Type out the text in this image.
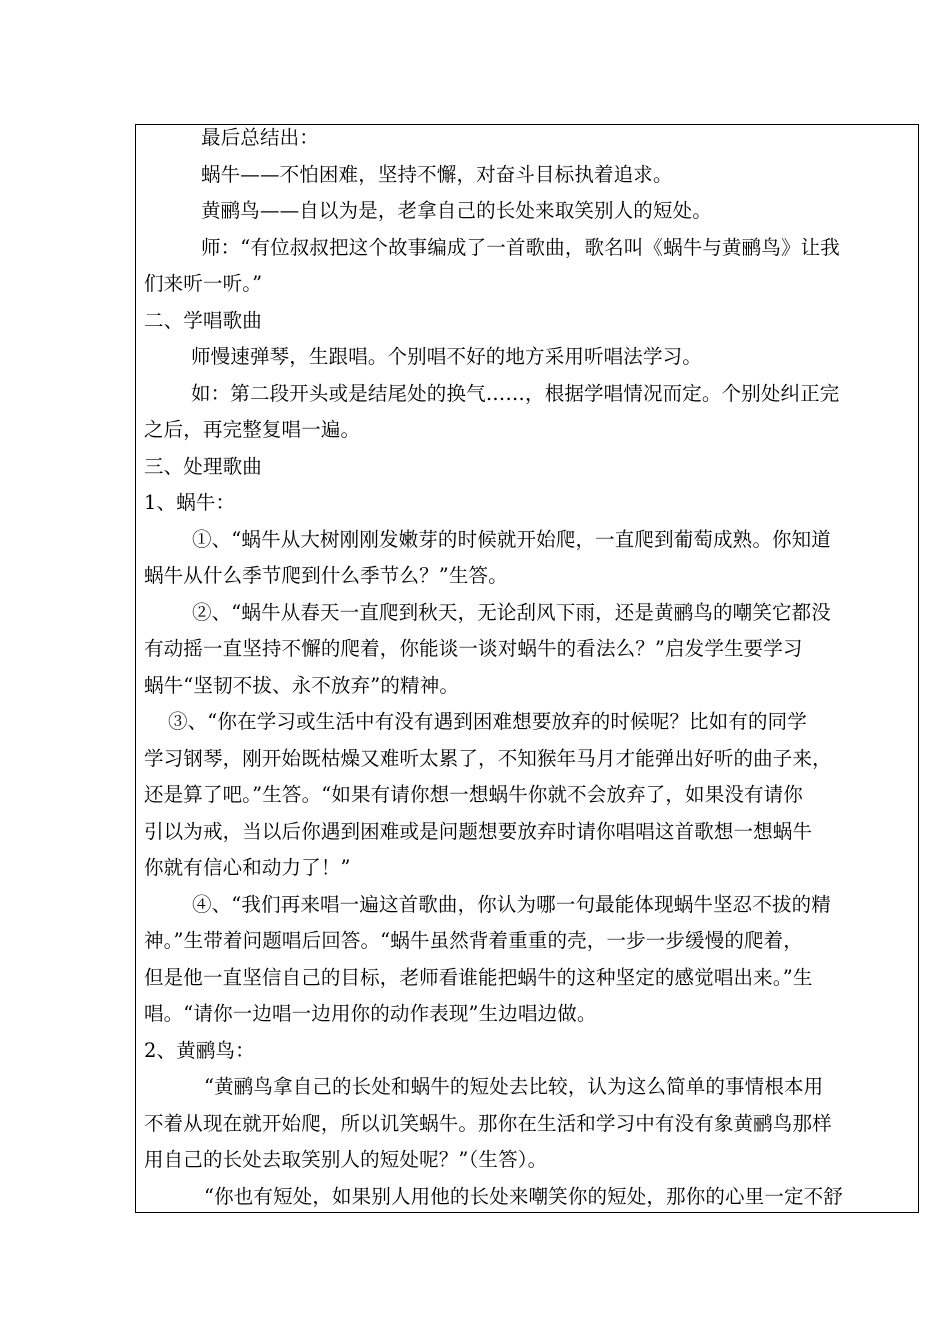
最后总结出：
蜗牛——不怕困难，坚持不懈，对奋斗目标执着追求。
黄鹂鸟——自以为是，老拿自己的长处来取笑别人的短处。
师：“有位叔叔把这个故事编成了一首歌曲，歌名叫《蜗牛与黄鹂鸟》让我
们来听一听。”
二、学唱歌曲
师慢速弹琴，生跟唱。个别唱不好的地方采用听唱法学习。
如：第二段开头或是结尾处的换气……，根据学唱情况而定。个别处纠正完
之后，再完整复唱一遍。
三、处理歌曲
1、蜗牛：
①、“蜗牛从大树刚刚发嫩芽的时候就开始爬，一直爬到葡萄成熟。你知道
蜗牛从什么季节爬到什么季节么？”生答。
②、“蜗牛从春天一直爬到秋天，无论刮风下雨，还是黄鹂鸟的嘲笑它都没
有动摇一直坚持不懈的爬着，你能谈一谈对蜗牛的看法么？”启发学生要学习
蜗牛“坚韧不拔、永不放弃”的精神。
③、“你在学习或生活中有没有遇到困难想要放弃的时候呢？比如有的同学
学习钢琴，刚开始既枯燥又难听太累了，不知猴年马月才能弹出好听的曲子来，
还是算了吧。”生答。“如果有请你想一想蜗牛你就不会放弃了，如果没有请你
引以为戒，当以后你遇到困难或是问题想要放弃时请你唱唱这首歌想一想蜗牛
你就有信心和动力了！”
④、“我们再来唱一遍这首歌曲，你认为哪一句最能体现蜗牛坚忍不拔的精
神。”生带着问题唱后回答。“蜗牛虽然背着重重的壳，一步一步缓慢的爬着，
但是他一直坚信自己的目标，老师看谁能把蜗牛的这种坚定的感觉唱出来。”生
唱。“请你一边唱一边用你的动作表现”生边唱边做。
2、黄鹂鸟：
“黄鹂鸟拿自己的长处和蜗牛的短处去比较，认为这么简单的事情根本用
不着从现在就开始爬，所以讥笑蜗牛。那你在生活和学习中有没有象黄鹂鸟那样
用自己的长处去取笑别人的短处呢？”（生答）。
“你也有短处，如果别人用他的长处来嘲笑你的短处，那你的心里一定不舒
